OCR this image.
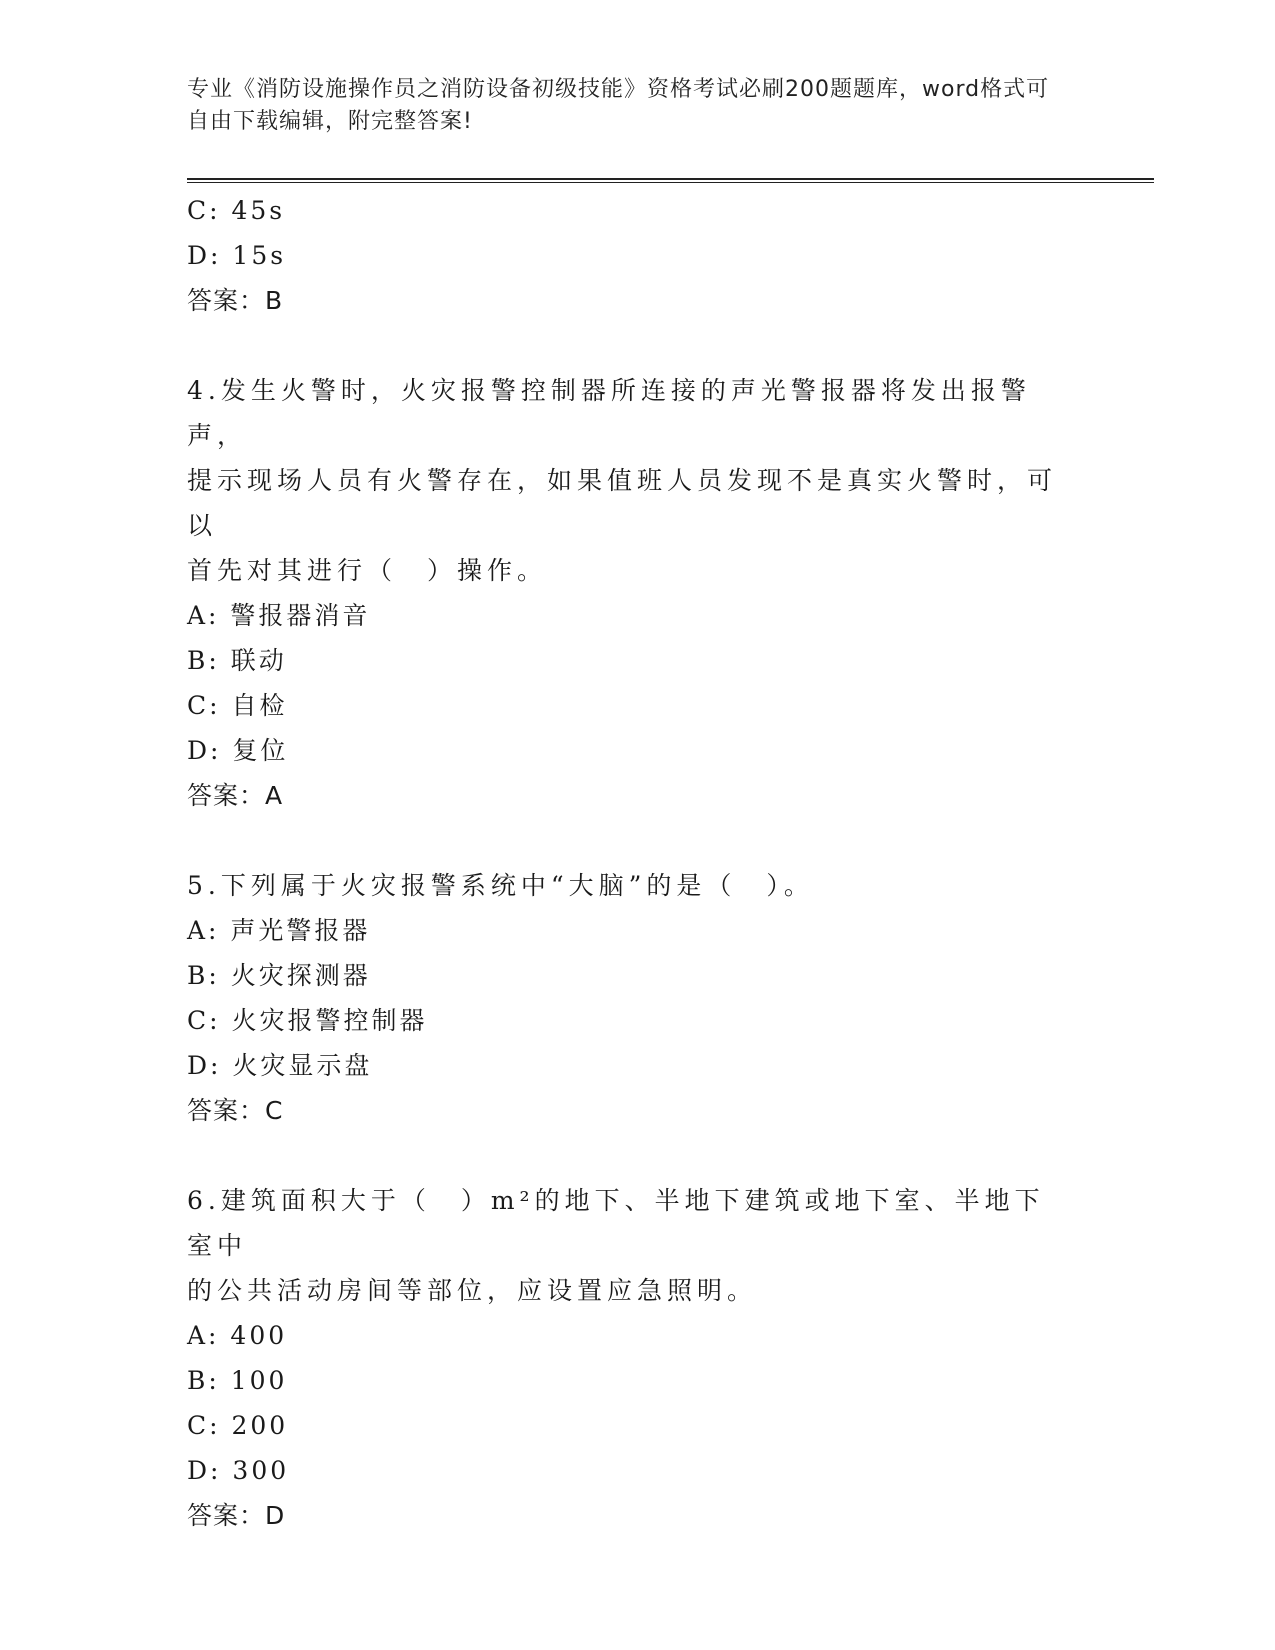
专业《消防设施操作员之消防设备初级技能》资格考试必刷200题题库，word格式可自由下载编辑，附完整答案!
C: 45s
D: 15s
答案：B
4.发生火警时，火灾报警控制器所连接的声光警报器将发出报警声，
提示现场人员有火警存在，如果值班人员发现不是真实火警时，可以
首先对其进行（　）操作。
A: 警报器消音
B: 联动
C: 自检
D: 复位
答案：A
5.下列属于火灾报警系统中“大脑”的是（　）。
A: 声光警报器
B: 火灾探测器
C: 火灾报警控制器
D: 火灾显示盘
答案：C
6.建筑面积大于（　）m²的地下、半地下建筑或地下室、半地下室中
的公共活动房间等部位，应设置应急照明。
A: 400
B: 100
C: 200
D: 300
答案：D
